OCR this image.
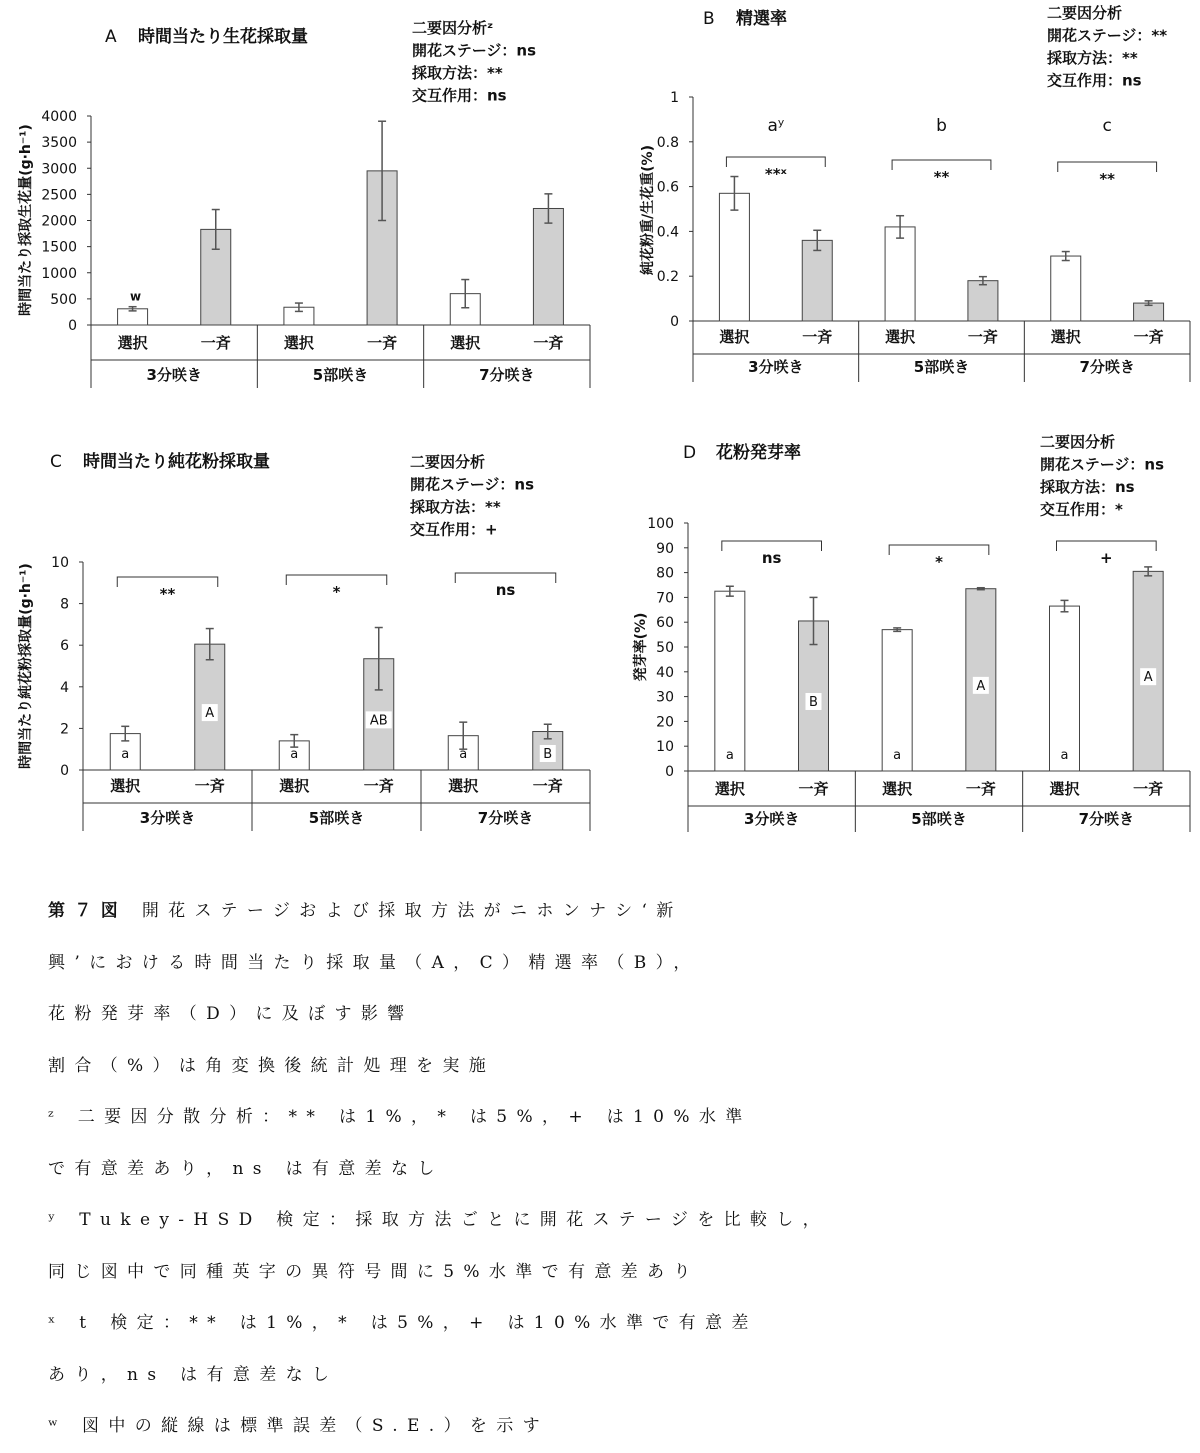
A 時間当たり生花採取量	二要因分析ᶻ
開花ステージ：ns
採取方法：**
交互作用：ns
時間当たり採取生花量(g·h⁻¹)
0
500
1000
1500
2000
2500
3000
3500
4000
選択	一斉
3分咲き
選択	一斉
5部咲き
選択	一斉
7分咲き
w
B 精選率	二要因分析
開花ステージ：**
採取方法：**
交互作用：ns
純花粉重/生花重(%)
0
0.2
0.4
0.6
0.8
1
選択	一斉
3分咲き
**ˣ
aʸ
選択	一斉
5部咲き
**
b
選択	一斉
7分咲き
**
c
C 時間当たり純花粉採取量	二要因分析
開花ステージ：ns
採取方法：**
交互作用：+
時間当たり純花粉採取量(g·h⁻¹)
0
2
4
6
8
10
選択	一斉
3分咲き
**
a
A
選択	一斉
5部咲き
*
a
AB
選択	一斉
7分咲き
ns
a	B
D 花粉発芽率
二要因分析
開花ステージ：ns
採取方法：ns
交互作用：*
発芽率(%)
0
10
20
30
40
50
60
70
80
90
100
選択	一斉
3分咲き
ns
a
B
選択	一斉
5部咲き
*
a
A
選択	一斉
7分咲き
+
a
A

第７図 開花ステージおよび採取方法がニホンナシ‘新

興’における時間当たり採取量（A，C）精選率（B），

花粉発芽率（D）に及ぼす影響

割合（%）は角変換後統計処理を実施

ᶻ 二要因分散分析：** は1%，* は5%，+ は10%水準

で有意差あり，ns は有意差なし

ʸ Tukey-HSD 検定：採取方法ごとに開花ステージを比較し，

同じ図中で同種英字の異符号間に5%水準で有意差あり

ˣ t 検定：** は1%，* は5%，+ は10%水準で有意差

あり，ns は有意差なし

ʷ 図中の縦線は標準誤差（S.E.）を示す
